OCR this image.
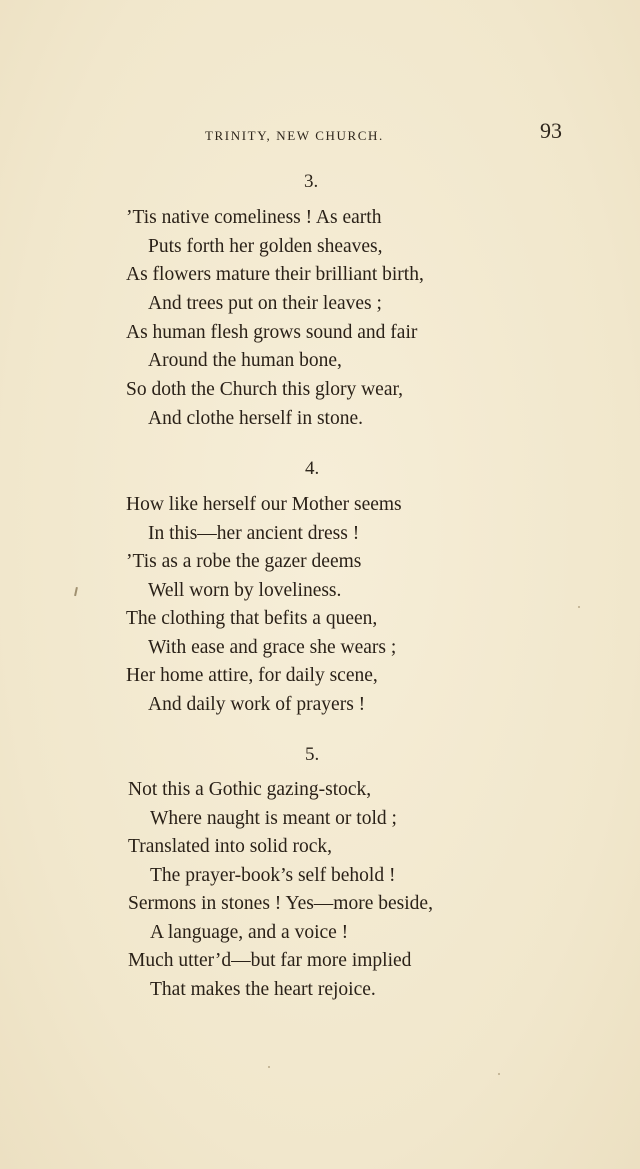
TRINITY, NEW CHURCH.	93
3.
’Tis native comeliness ! As earth
Puts forth her golden sheaves,
As flowers mature their brilliant birth,
And trees put on their leaves ;
As human flesh grows sound and fair
Around the human bone,
So doth the Church this glory wear,
And clothe herself in stone.
4.
How like herself our Mother seems
In this—her ancient dress !
’Tis as a robe the gazer deems
Well worn by loveliness.
The clothing that befits a queen,
With ease and grace she wears ;
Her home attire, for daily scene,
And daily work of prayers !
5.
Not this a Gothic gazing-stock,
Where naught is meant or told ;
Translated into solid rock,
The prayer-book’s self behold !
Sermons in stones ! Yes—more beside,
A language, and a voice !
Much utter’d—but far more implied
That makes the heart rejoice.
